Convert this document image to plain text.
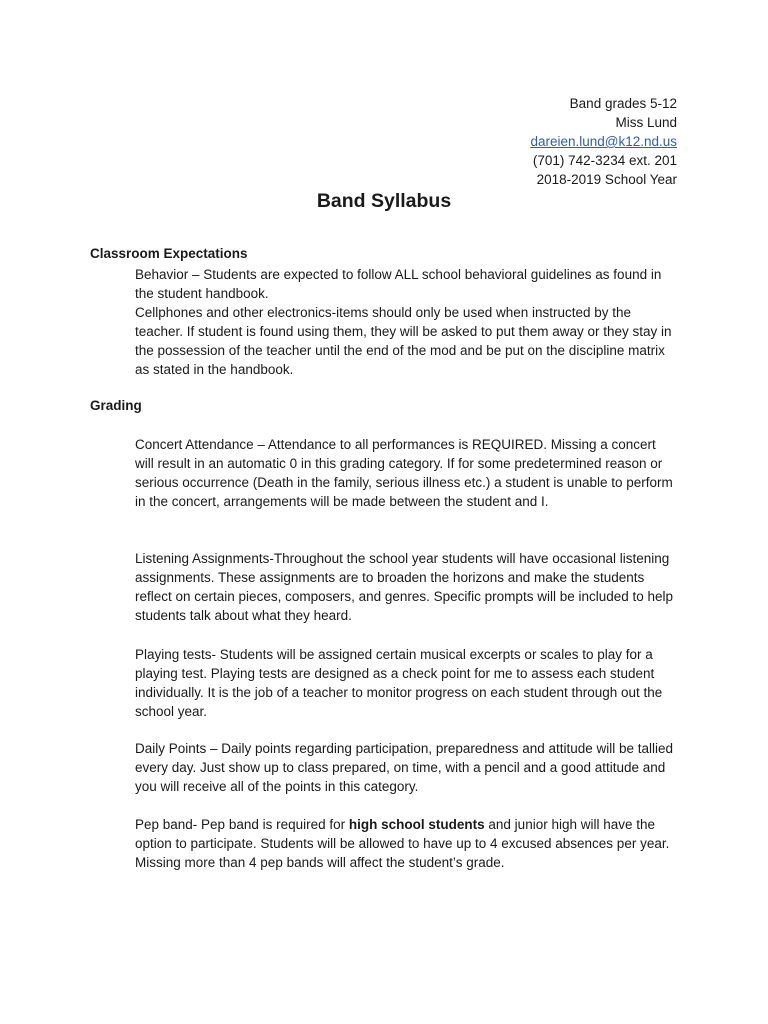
Band grades 5-12
Miss Lund
dareien.lund@k12.nd.us
(701) 742-3234 ext. 201
2018-2019 School Year
Band Syllabus
Classroom Expectations

Behavior – Students are expected to follow ALL school behavioral guidelines as found in the student handbook.

Cellphones and other electronics-items should only be used when instructed by the teacher. If student is found using them, they will be asked to put them away or they stay in the possession of the teacher until the end of the mod and be put on the discipline matrix as stated in the handbook.

Grading

Concert Attendance – Attendance to all performances is REQUIRED. Missing a concert will result in an automatic 0 in this grading category. If for some predetermined reason or serious occurrence (Death in the family, serious illness etc.) a student is unable to perform in the concert, arrangements will be made between the student and I.

Listening Assignments-Throughout the school year students will have occasional listening assignments. These assignments are to broaden the horizons and make the students reflect on certain pieces, composers, and genres. Specific prompts will be included to help students talk about what they heard.

Playing tests- Students will be assigned certain musical excerpts or scales to play for a playing test. Playing tests are designed as a check point for me to assess each student individually. It is the job of a teacher to monitor progress on each student through out the school year.

Daily Points – Daily points regarding participation, preparedness and attitude will be tallied every day. Just show up to class prepared, on time, with a pencil and a good attitude and you will receive all of the points in this category.

Pep band- Pep band is required for high school students and junior high will have the option to participate. Students will be allowed to have up to 4 excused absences per year. Missing more than 4 pep bands will affect the student’s grade.
